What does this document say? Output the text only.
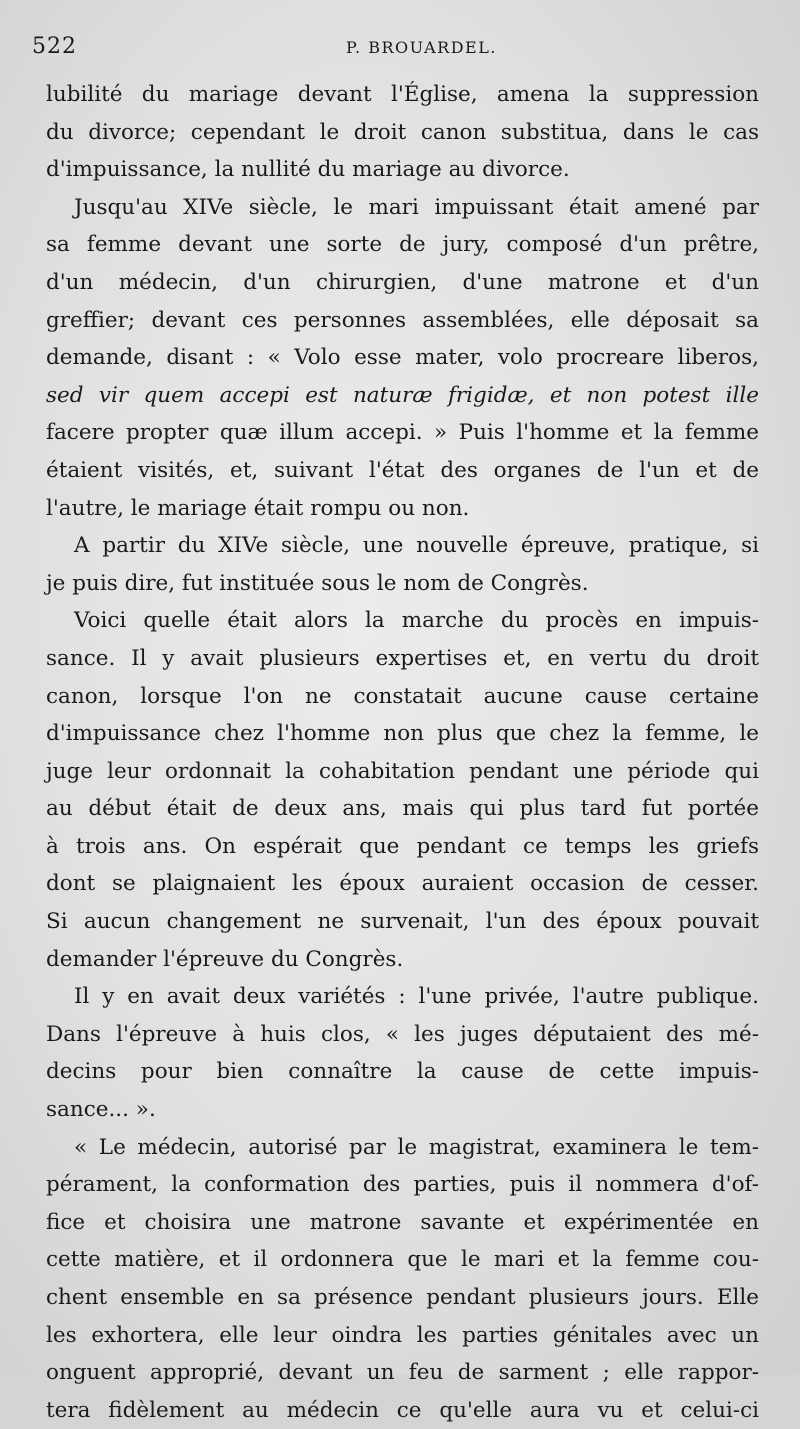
522	P. BROUARDEL.
lubilité du mariage devant l'Église, amena la suppression
du divorce; cependant le droit canon substitua, dans le cas
d'impuissance, la nullité du mariage au divorce.
Jusqu'au XIVe siècle, le mari impuissant était amené par
sa femme devant une sorte de jury, composé d'un prêtre,
d'un médecin, d'un chirurgien, d'une matrone et d'un
greffier; devant ces personnes assemblées, elle déposait sa
demande, disant : « Volo esse mater, volo procreare liberos,
sed vir quem accepi est naturæ frigidæ, et non potest ille
facere propter quæ illum accepi. » Puis l'homme et la femme
étaient visités, et, suivant l'état des organes de l'un et de
l'autre, le mariage était rompu ou non.
A partir du XIVe siècle, une nouvelle épreuve, pratique, si
je puis dire, fut instituée sous le nom de Congrès.
Voici quelle était alors la marche du procès en impuis-
sance. Il y avait plusieurs expertises et, en vertu du droit
canon, lorsque l'on ne constatait aucune cause certaine
d'impuissance chez l'homme non plus que chez la femme, le
juge leur ordonnait la cohabitation pendant une période qui
au début était de deux ans, mais qui plus tard fut portée
à trois ans. On espérait que pendant ce temps les griefs
dont se plaignaient les époux auraient occasion de cesser.
Si aucun changement ne survenait, l'un des époux pouvait
demander l'épreuve du Congrès.
Il y en avait deux variétés : l'une privée, l'autre publique.
Dans l'épreuve à huis clos, « les juges députaient des mé-
decins pour bien connaître la cause de cette impuis-
sance... ».
« Le médecin, autorisé par le magistrat, examinera le tem-
pérament, la conformation des parties, puis il nommera d'of-
fice et choisira une matrone savante et expérimentée en
cette matière, et il ordonnera que le mari et la femme cou-
chent ensemble en sa présence pendant plusieurs jours. Elle
les exhortera, elle leur oindra les parties génitales avec un
onguent approprié, devant un feu de sarment ; elle rappor-
tera fidèlement au médecin ce qu'elle aura vu et celui-ci
